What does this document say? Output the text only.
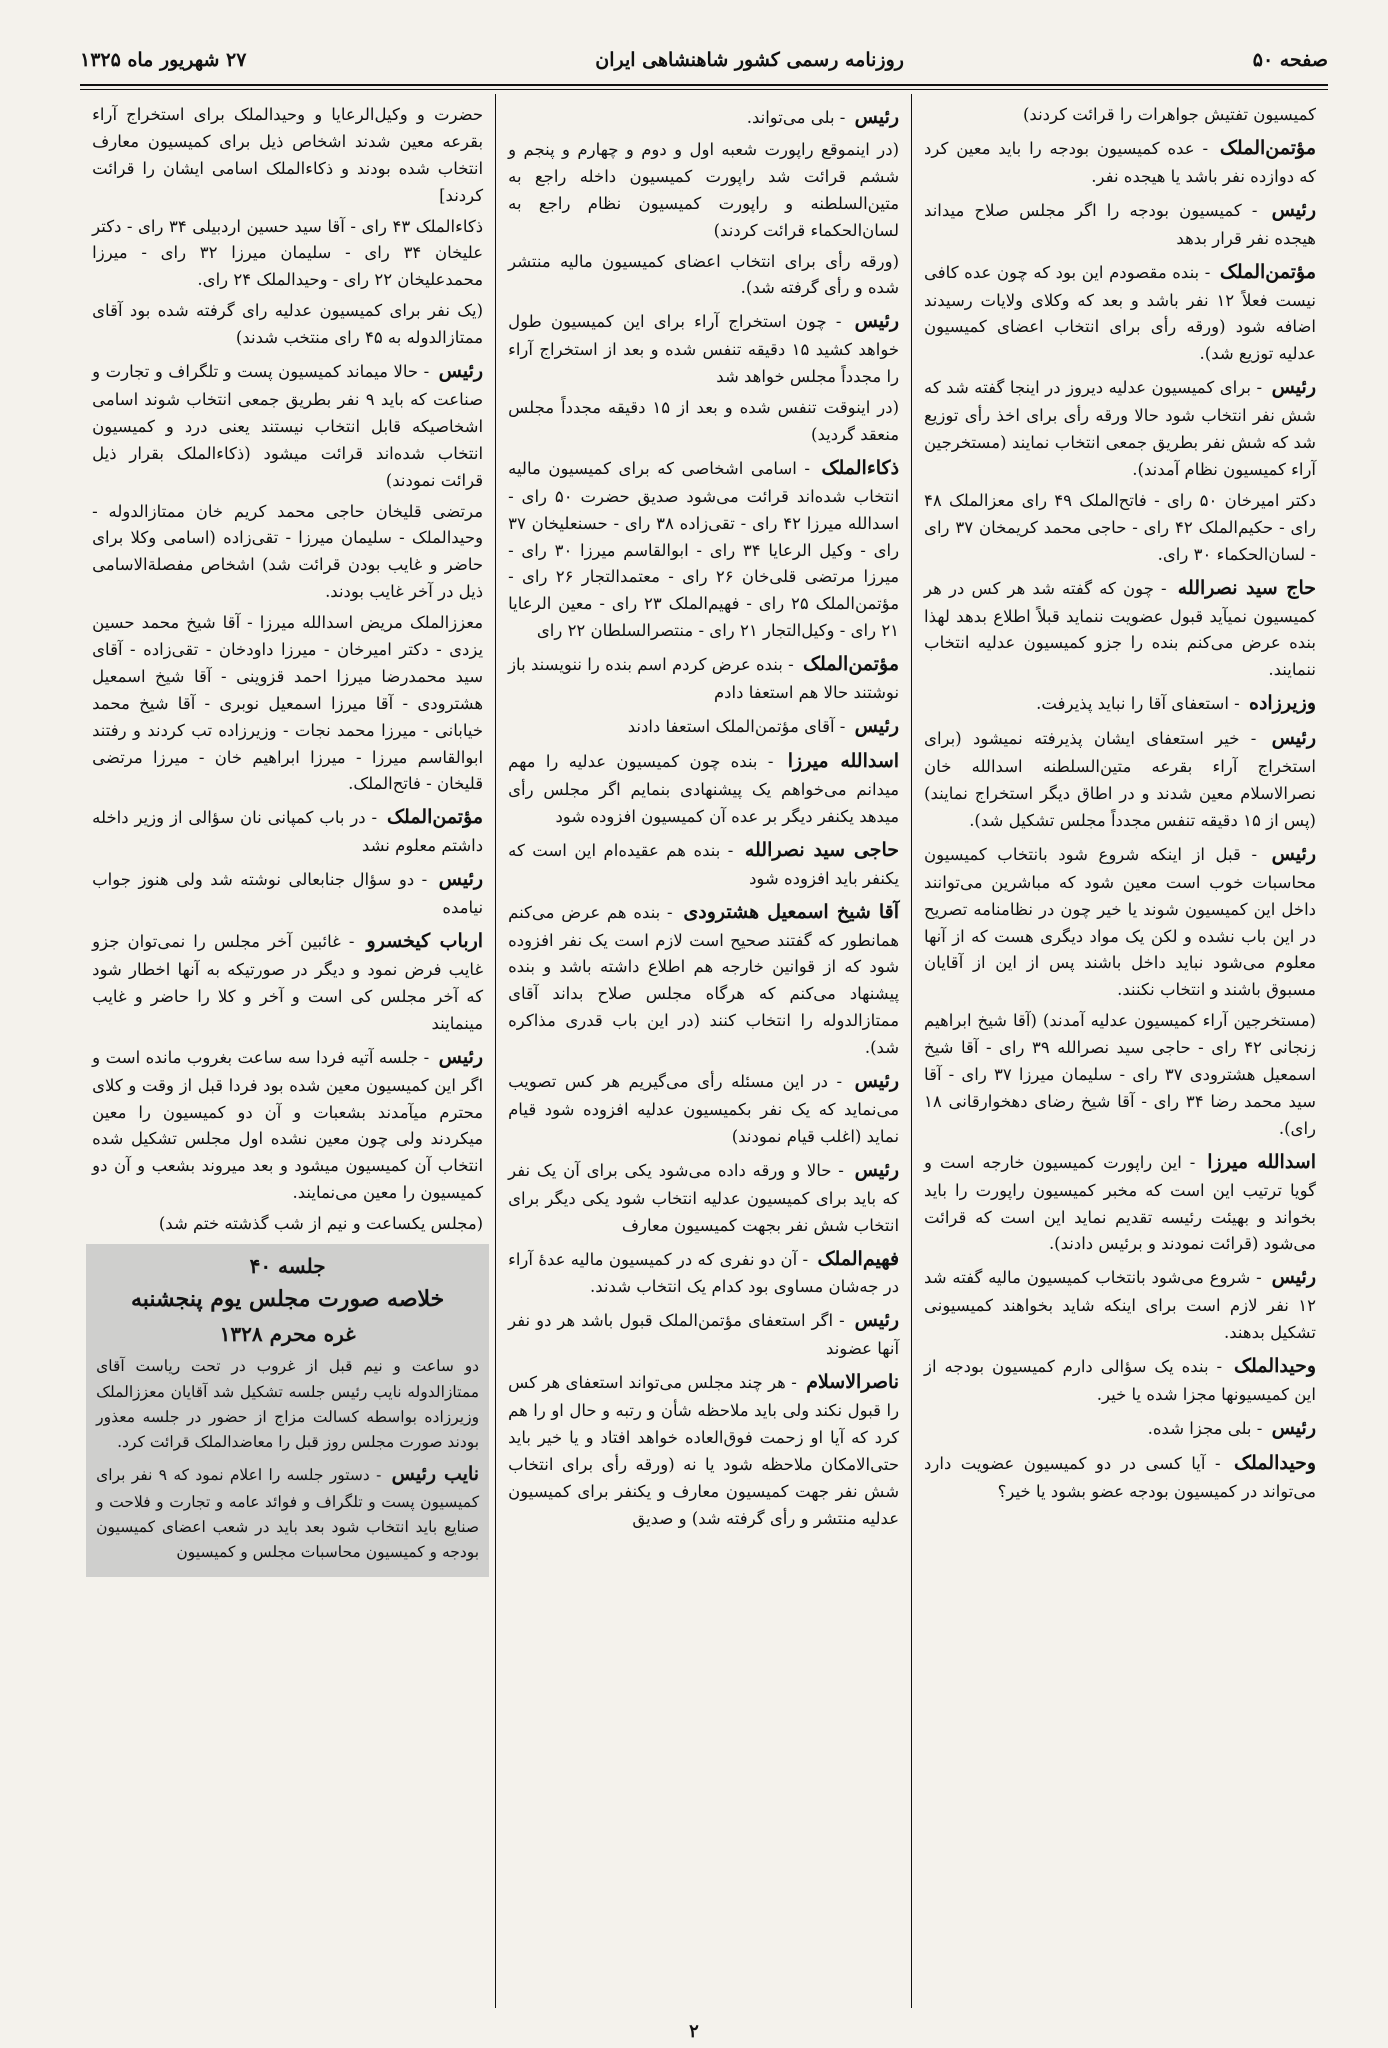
صفحه ۵۰
روزنامه رسمی کشور شاهنشاهی ایران
۲۷ شهریور ماه ۱۳۲۵
کمیسیون تفتیش جواهرات را قرائت کردند)
مؤتمن‌الملک - عده کمیسیون بودجه را باید معین کرد که دوازده نفر باشد یا هیجده نفر.
رئیس - کمیسیون بودجه را اگر مجلس صلاح میداند هیجده نفر قرار بدهد
مؤتمن‌الملک - بنده مقصودم این بود که چون عده کافی نیست فعلاً ۱۲ نفر باشد و بعد که وکلای ولایات رسیدند اضافه شود (ورقه رأی برای انتخاب اعضای کمیسیون عدلیه توزیع شد).
رئیس - برای کمیسیون عدلیه دیروز در اینجا گفته شد که شش نفر انتخاب شود حالا ورقه رأی برای اخذ رأی توزیع شد که شش نفر بطریق جمعی انتخاب نمایند (مستخرجین آراء کمیسیون نظام آمدند).
دکتر امیرخان ۵۰ رای - فاتح‌الملک ۴۹ رای معزالملک ۴۸ رای - حکیم‌الملک ۴۲ رای - حاجی محمد کریمخان ۳۷ رای - لسان‌الحکماء ۳۰ رای.
حاج سید نصرالله - چون که گفته شد هر کس در هر کمیسیون نمیآید قبول عضویت ننماید قبلاً اطلاع بدهد لهذا بنده عرض می‌کنم بنده را جزو کمیسیون عدلیه انتخاب ننمایند.
وزیرزاده - استعفای آقا را نباید پذیرفت.
رئیس - خیر استعفای ایشان پذیرفته نمیشود (برای استخراج آراء بقرعه متین‌السلطنه اسدالله خان نصرالاسلام معین شدند و در اطاق دیگر استخراج نمایند) (پس از ۱۵ دقیقه تنفس مجدداً مجلس تشکیل شد).
رئیس - قبل از اینکه شروع شود بانتخاب کمیسیون محاسبات خوب است معین شود که مباشرین می‌توانند داخل این کمیسیون شوند یا خیر چون در نظامنامه تصریح در این باب نشده و لکن یک مواد دیگری هست که از آنها معلوم می‌شود نباید داخل باشند پس از این از آقایان مسبوق باشند و انتخاب نکنند.
(مستخرجین آراء کمیسیون عدلیه آمدند) (آقا شیخ ابراهیم زنجانی ۴۲ رای - حاجی سید نصرالله ۳۹ رای - آقا شیخ اسمعیل هشترودی ۳۷ رای - سلیمان میرزا ۳۷ رای - آقا سید محمد رضا ۳۴ رای - آقا شیخ رضای دهخوارقانی ۱۸ رای).
اسدالله میرزا - این راپورت کمیسیون خارجه است و گویا ترتیب این است که مخبر کمیسیون راپورت را باید بخواند و بهیئت رئیسه تقدیم نماید این است که قرائت می‌شود (قرائت نمودند و برئیس دادند).
رئیس - شروع می‌شود بانتخاب کمیسیون مالیه گفته شد ۱۲ نفر لازم است برای اینکه شاید بخواهند کمیسیونی تشکیل بدهند.
وحیدالملک - بنده یک سؤالی دارم کمیسیون بودجه از این کمیسیونها مجزا شده یا خیر.
رئیس - بلی مجزا شده.
وحیدالملک - آیا کسی در دو کمیسیون عضویت دارد می‌تواند در کمیسیون بودجه عضو بشود یا خیر؟
رئیس - بلی می‌تواند.
(در اینموقع راپورت شعبه اول و دوم و چهارم و پنجم و ششم قرائت شد راپورت کمیسیون داخله راجع به متین‌السلطنه و راپورت کمیسیون نظام راجع به لسان‌الحکماء قرائت کردند)
(ورقه رأی برای انتخاب اعضای کمیسیون مالیه منتشر شده و رأی گرفته شد).
رئیس - چون استخراج آراء برای این کمیسیون طول خواهد کشید ۱۵ دقیقه تنفس شده و بعد از استخراج آراء را مجدداً مجلس خواهد شد
(در اینوقت تنفس شده و بعد از ۱۵ دقیقه مجدداً مجلس منعقد گردید)
ذکاءالملک - اسامی اشخاصی که برای کمیسیون مالیه انتخاب شده‌اند قرائت می‌شود صدیق حضرت ۵۰ رای - اسدالله میرزا ۴۲ رای - تقی‌زاده ۳۸ رای - حسنعلیخان ۳۷ رای - وکیل الرعایا ۳۴ رای - ابوالقاسم میرزا ۳۰ رای - میرزا مرتضی قلی‌خان ۲۶ رای - معتمدالتجار ۲۶ رای - مؤتمن‌الملک ۲۵ رای - فهیم‌الملک ۲۳ رای - معین الرعایا ۲۱ رای - وکیل‌التجار ۲۱ رای - منتصرالسلطان ۲۲ رای
مؤتمن‌الملک - بنده عرض کردم اسم بنده را ننویسند باز نوشتند حالا هم استعفا دادم
رئیس - آقای مؤتمن‌الملک استعفا دادند
اسدالله میرزا - بنده چون کمیسیون عدلیه را مهم میدانم می‌خواهم یک پیشنهادی بنمایم اگر مجلس رأی میدهد یکنفر دیگر بر عده آن کمیسیون افزوده شود
حاجی سید نصرالله - بنده هم عقیده‌ام این است که یکنفر باید افزوده شود
آقا شیخ اسمعیل هشترودی - بنده هم عرض می‌کنم همانطور که گفتند صحیح است لازم است یک نفر افزوده شود که از قوانین خارجه هم اطلاع داشته باشد و بنده پیشنهاد می‌کنم که هرگاه مجلس صلاح بداند آقای ممتازالدوله را انتخاب کنند (در این باب قدری مذاکره شد).
رئیس - در این مسئله رأی می‌گیریم هر کس تصویب می‌نماید که یک نفر بکمیسیون عدلیه افزوده شود قیام نماید (اغلب قیام نمودند)
رئیس - حالا و ورقه داده می‌شود یکی برای آن یک نفر که باید برای کمیسیون عدلیه انتخاب شود یکی دیگر برای انتخاب شش نفر بجهت کمیسیون معارف
فهیم‌الملک - آن دو نفری که در کمیسیون مالیه عدهٔ آراء در جه‌شان مساوی بود کدام یک انتخاب شدند.
رئیس - اگر استعفای مؤتمن‌الملک قبول باشد هر دو نفر آنها عضوند
ناصرالاسلام - هر چند مجلس می‌تواند استعفای هر کس را قبول نکند ولی باید ملاحظه شأن و رتبه و حال او را هم کرد که آیا او زحمت فوق‌العاده خواهد افتاد و یا خیر باید حتی‌الامکان ملاحظه شود یا نه (ورقه رأی برای انتخاب شش نفر جهت کمیسیون معارف و یکنفر برای کمیسیون عدلیه منتشر و رأی گرفته شد) و صدیق
حضرت و وکیل‌الرعایا و وحیدالملک برای استخراج آراء بقرعه معین شدند اشخاص ذیل برای کمیسیون معارف انتخاب شده بودند و ذکاءالملک اسامی ایشان را قرائت کردند]
ذکاءالملک ۴۳ رای - آقا سید حسین اردبیلی ۳۴ رای - دکتر علیخان ۳۴ رای - سلیمان میرزا ۳۲ رای - میرزا محمدعلیخان ۲۲ رای - وحیدالملک ۲۴ رای.
(یک نفر برای کمیسیون عدلیه رای گرفته شده بود آقای ممتازالدوله به ۴۵ رای منتخب شدند)
رئیس - حالا میماند کمیسیون پست و تلگراف و تجارت و صناعت که باید ۹ نفر بطریق جمعی انتخاب شوند اسامی اشخاصیکه قابل انتخاب نیستند یعنی درد و کمیسیون انتخاب شده‌اند قرائت میشود (ذکاءالملک بقرار ذیل قرائت نمودند)
مرتضی قلیخان حاجی محمد کریم خان ممتازالدوله - وحیدالملک - سلیمان میرزا - تقی‌زاده (اسامی وکلا برای حاضر و غایب بودن قرائت شد) اشخاص مفصلةالاسامی ذیل در آخر غایب بودند.
معززالملک مریض اسدالله میرزا - آقا شیخ محمد حسین یزدی - دکتر امیرخان - میرزا داودخان - تقی‌زاده - آقای سید محمدرضا میرزا احمد قزوینی - آقا شیخ اسمعیل هشترودی - آقا میرزا اسمعیل نوبری - آقا شیخ محمد خیابانی - میرزا محمد نجات - وزیرزاده تب کردند و رفتند ابوالقاسم میرزا - میرزا ابراهیم خان - میرزا مرتضی قلیخان - فاتح‌الملک.
مؤتمن‌الملک - در باب کمپانی نان سؤالی از وزیر داخله داشتم معلوم نشد
رئیس - دو سؤال جنابعالی نوشته شد ولی هنوز جواب نیامده
ارباب کیخسرو - غائبین آخر مجلس را نمی‌توان جزو غایب فرض نمود و دیگر در صورتیکه به آنها اخطار شود که آخر مجلس کی است و آخر و کلا را حاضر و غایب مینمایند
رئیس - جلسه آتیه فردا سه ساعت بغروب مانده است و اگر این کمیسیون معین شده بود فردا قبل از وقت و کلای محترم میآمدند بشعبات و آن دو کمیسیون را معین میکردند ولی چون معین نشده اول مجلس تشکیل شده انتخاب آن کمیسیون میشود و بعد میروند بشعب و آن دو کمیسیون را معین می‌نمایند.
(مجلس یکساعت و نیم از شب گذشته ختم شد)
جلسه ۴۰
خلاصه صورت مجلس یوم پنجشنبه
غره محرم ۱۳۲۸
دو ساعت و نیم قبل از غروب در تحت ریاست آقای ممتازالدوله نایب رئیس جلسه تشکیل شد آقایان معززالملک وزیرزاده بواسطه کسالت مزاج از حضور در جلسه معذور بودند صورت مجلس روز قبل را معاضدالملک قرائت کرد.
نایب رئیس - دستور جلسه را اعلام نمود که ۹ نفر برای کمیسیون پست و تلگراف و فوائد عامه و تجارت و فلاحت و صنایع باید انتخاب شود بعد باید در شعب اعضای کمیسیون بودجه و کمیسیون محاسبات مجلس و کمیسیون
۲
